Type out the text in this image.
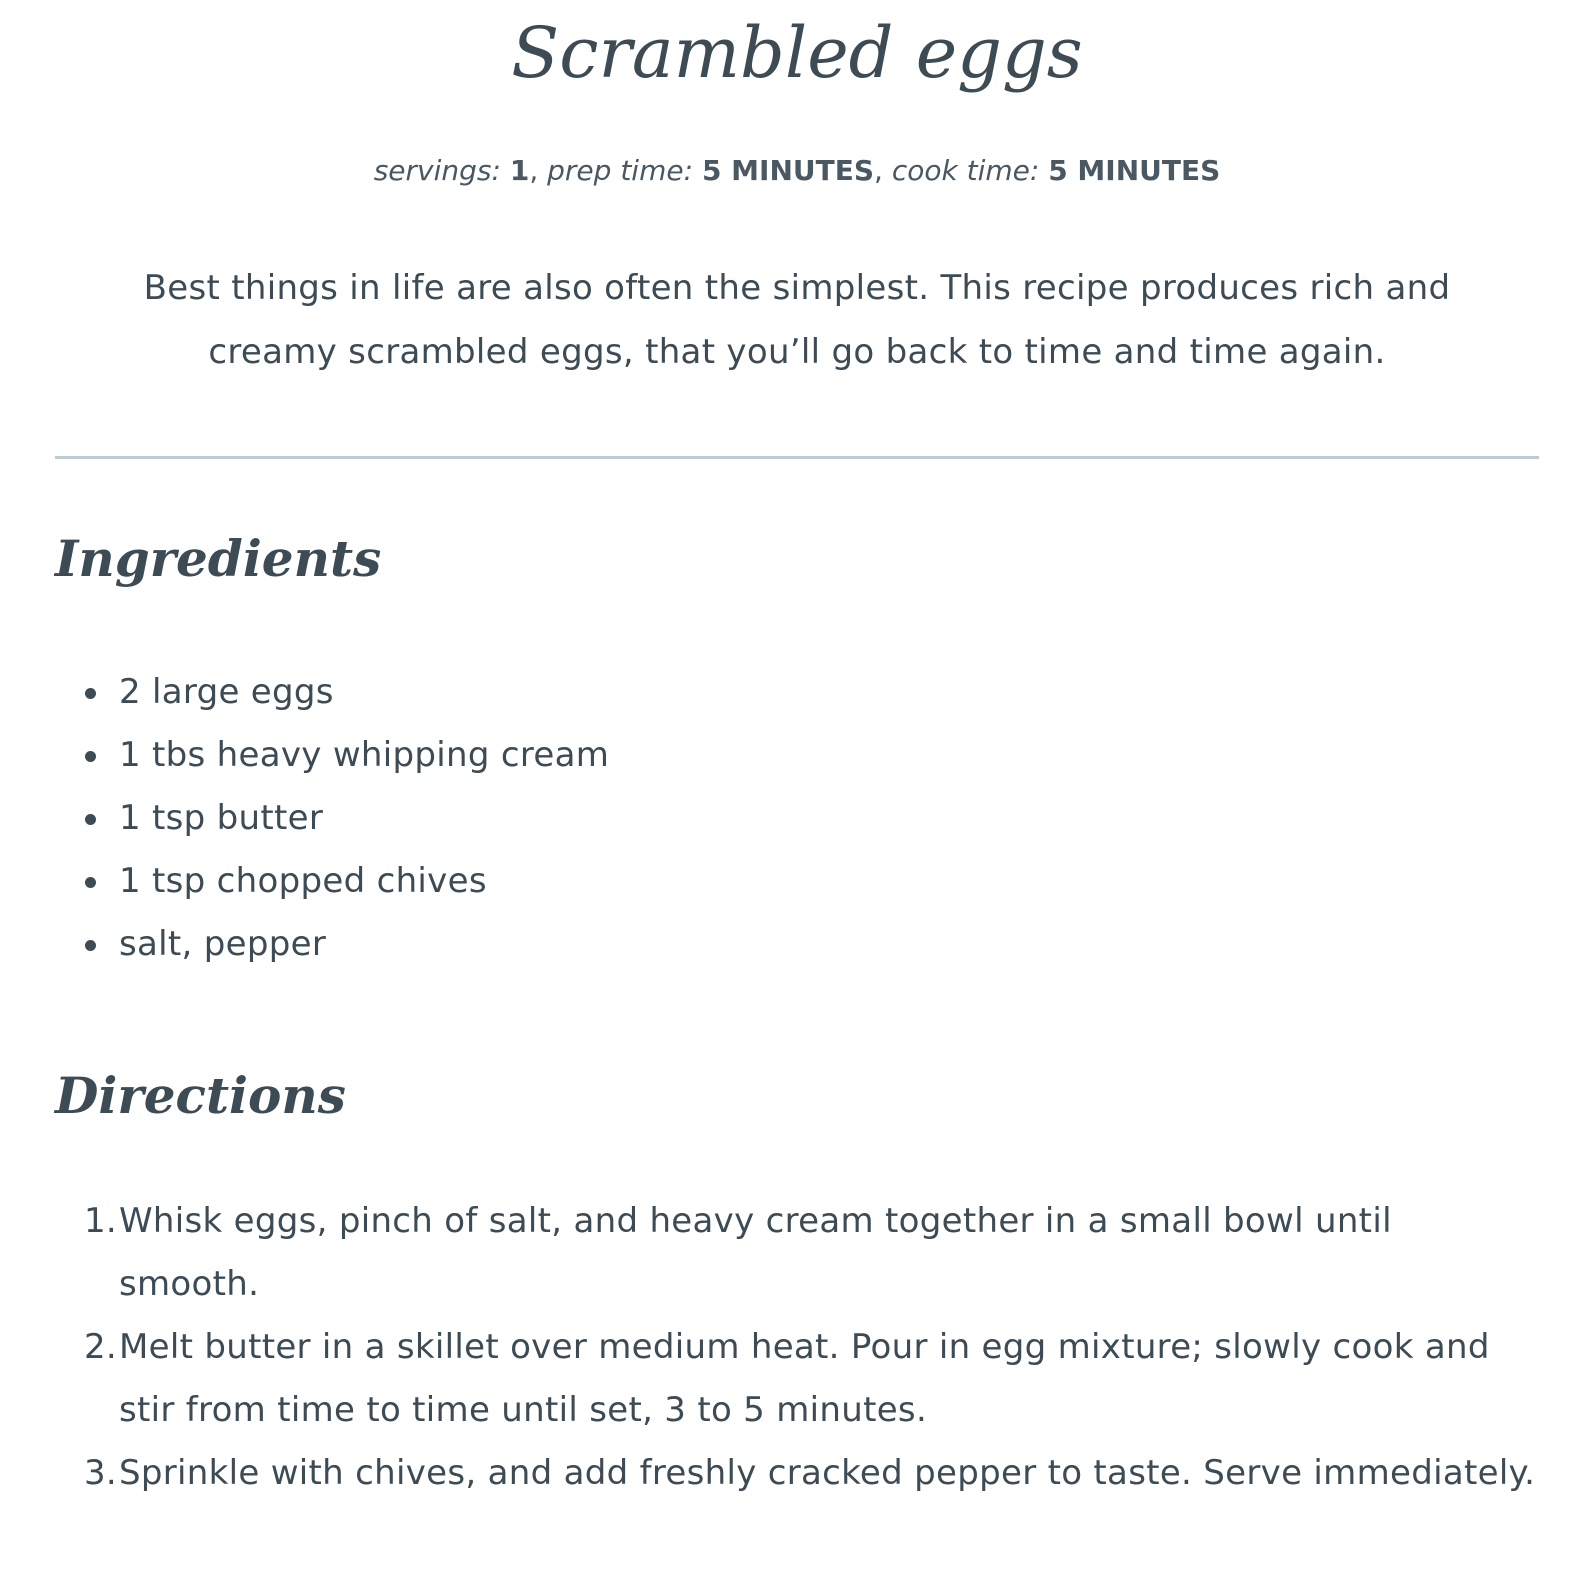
Scrambled eggs

servings: 1, prep time: 5 MINUTES, cook time: 5 MINUTES

Best things in life are also often the simplest. This recipe produces rich and creamy scrambled eggs, that you’ll go back to time and time again.

Ingredients
2 large eggs
1 tbs heavy whipping cream
1 tsp butter
1 tsp chopped chives
salt, pepper
Directions
1. Whisk eggs, pinch of salt, and heavy cream together in a small bowl until smooth.
2. Melt butter in a skillet over medium heat. Pour in egg mixture; slowly cook and stir from time to time until set, 3 to 5 minutes.
3. Sprinkle with chives, and add freshly cracked pepper to taste. Serve immediately.
